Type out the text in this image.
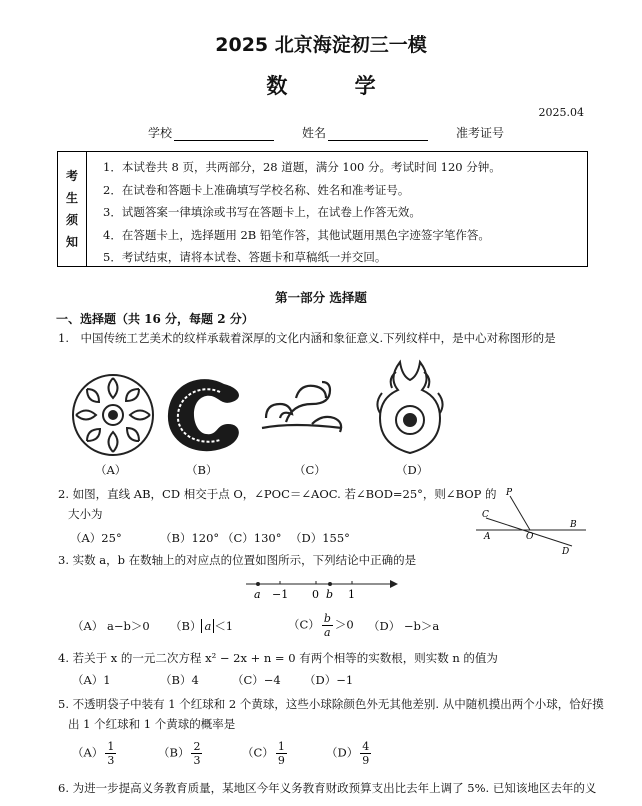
2025 北京海淀初三一模
数 学
2025.04
学校	姓名	准考证号
考
生
须
知
1．本试卷共 8 页，共两部分，28 道题，满分 100 分。考试时间 120 分钟。
2．在试卷和答题卡上准确填写学校名称、姓名和准考证号。
3．试题答案一律填涂或书写在答题卡上，在试卷上作答无效。
4．在答题卡上，选择题用 2B 铅笔作答，其他试题用黑色字迹签字笔作答。
5．考试结束，请将本试卷、答题卡和草稿纸一并交回。
第一部分 选择题
一、选择题（共 16 分，每题 2 分）
1.　中国传统工艺美术的纹样承载着深厚的文化内涵和象征意义.下列纹样中，是中心对称图形的是
（A）	（B）	（C）	（D）
2. 如图，直线 AB，CD 相交于点 O，∠POC＝∠AOC. 若∠BOD=25°，则∠BOP 的
大小为
（A）25°	（B）120° （C）130° （D）155°
P
C
A	O
B
D
3. 实数 a，b 在数轴上的对应点的位置如图所示，下列结论中正确的是
a −1 0 b 1
（A） a−b＞0 （B） a ＜1	$(C) \frac{b}{a} >0$ （D） −b＞a
4. 若关于 x 的一元二次方程 x² − 2x + n = 0 有两个相等的实数根，则实数 n 的值为
（A）1	（B）4	（C）−4 （D）−1
5. 不透明袋子中装有 1 个红球和 2 个黄球，这些小球除颜色外无其他差别. 从中随机摸出两个小球，恰好摸
出 1 个红球和 1 个黄球的概率是
$(A) \frac{1}{3}$	$(B) \frac{2}{3}$	$(C) \frac{1}{9}$	$(D) \frac{4}{9}$
6. 为进一步提高义务教育质量，某地区今年义务教育财政预算支出比去年上调了 5%. 已知该地区去年的义
